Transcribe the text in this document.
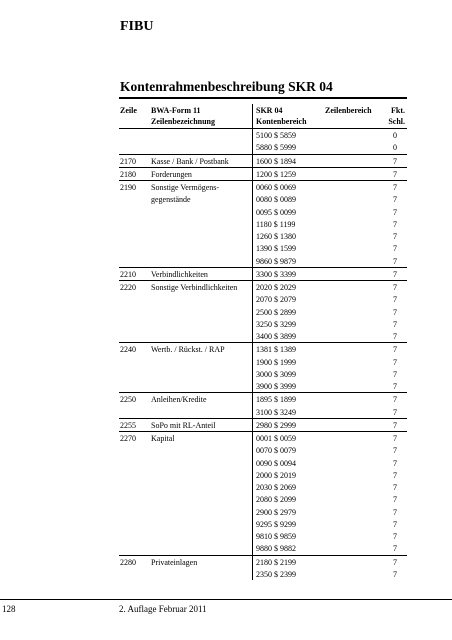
FIBU
Kontenrahmenbeschreibung SKR 04
Zeile BWA-Form 11
Zeilenbezeichnung
SKR 04
Kontenbereich
Zeilenbereich	Fkt.
Schl.
5100 $ 5859	0
5880 $ 5999	0
2170 Kasse / Bank / Postbank	1600 $ 1894	7
2180 Forderungen	1200 $ 1259	7
2190 Sonstige Vermögens-	0060 $ 0069	7
gegenstände	0080 $ 0089	7
0095 $ 0099	7
1180 $ 1199	7
1260 $ 1380	7
1390 $ 1599	7
9860 $ 9879	7
2210 Verbindlichkeiten	3300 $ 3399	7
2220 Sonstige Verbindlichkeiten 2020 $ 2029	7
2070 $ 2079	7
2500 $ 2899	7
3250 $ 3299	7
3400 $ 3899	7
2240 Wertb. / Rückst. / RAP	1381 $ 1389	7
1900 $ 1999	7
3000 $ 3099	7
3900 $ 3999	7
2250 Anleihen/Kredite	1895 $ 1899	7
3100 $ 3249	7
2255 SoPo mit RL-Anteil	2980 $ 2999	7
2270 Kapital	0001 $ 0059	7
0070 $ 0079	7
0090 $ 0094	7
2000 $ 2019	7
2030 $ 2069	7
2080 $ 2099	7
2900 $ 2979	7
9295 $ 9299	7
9810 $ 9859	7
9880 $ 9882	7
2280 Privateinlagen	2180 $ 2199	7
2350 $ 2399	7
128	2. Auflage Februar 2011
